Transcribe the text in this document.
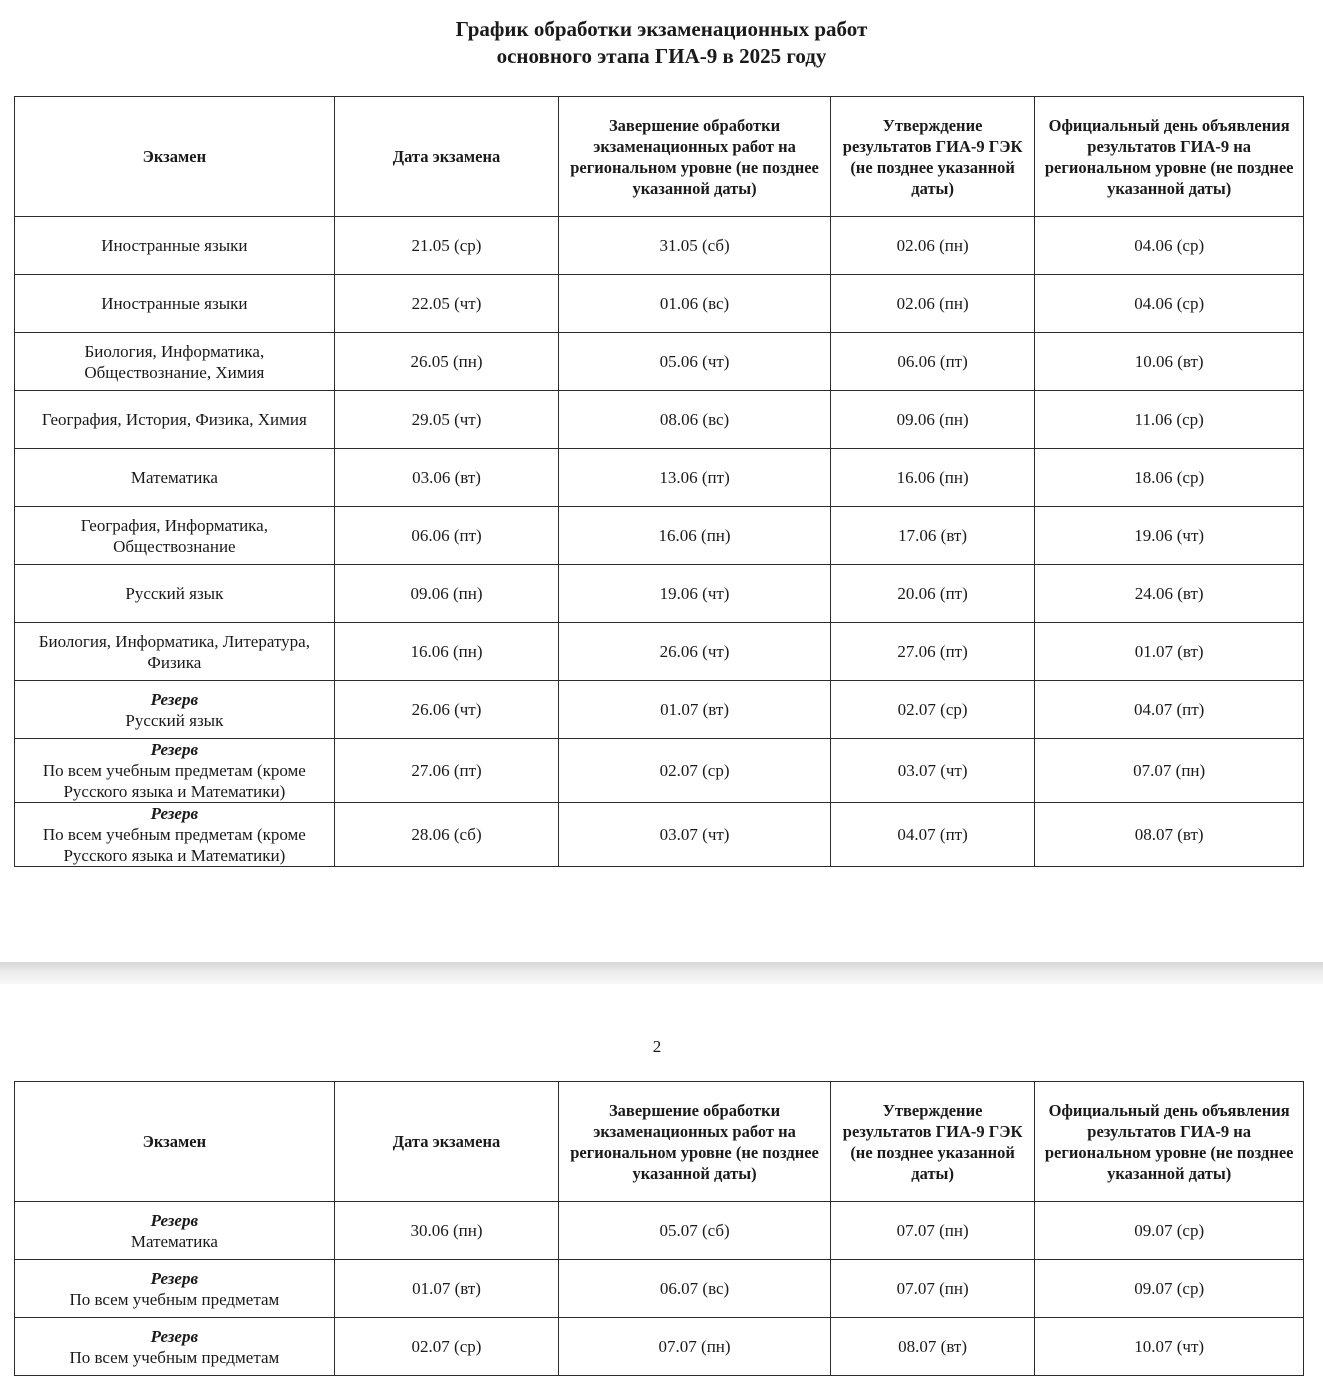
График обработки экзаменационных работ
основного этапа ГИА-9 в 2025 году
Экзамен	Дата экзамена	Завершение обработки экзаменационных работ на региональном уровне (не позднее указанной даты)	Утверждение результатов ГИА-9 ГЭК (не позднее указанной даты)	Официальный день объявления результатов ГИА-9 на региональном уровне (не позднее указанной даты)
Иностранные языки	21.05 (ср)	31.05 (сб)	02.06 (пн)	04.06 (ср)
Иностранные языки	22.05 (чт)	01.06 (вс)	02.06 (пн)	04.06 (ср)
Биология, Информатика, Обществознание, Химия	26.05 (пн)	05.06 (чт)	06.06 (пт)	10.06 (вт)
География, История, Физика, Химия	29.05 (чт)	08.06 (вс)	09.06 (пн)	11.06 (ср)
Математика	03.06 (вт)	13.06 (пт)	16.06 (пн)	18.06 (ср)
География, Информатика, Обществознание	06.06 (пт)	16.06 (пн)	17.06 (вт)	19.06 (чт)
Русский язык	09.06 (пн)	19.06 (чт)	20.06 (пт)	24.06 (вт)
Биология, Информатика, Литература, Физика	16.06 (пн)	26.06 (чт)	27.06 (пт)	01.07 (вт)

Резерв
Русский язык	26.06 (чт)	01.07 (вт)	02.07 (ср)	04.07 (пт)

Резерв
По всем учебным предметам (кроме Русского языка и Математики)	27.06 (пт)	02.07 (ср)	03.07 (чт)	07.07 (пн)

Резерв
По всем учебным предметам (кроме Русского языка и Математики)	28.06 (сб)	03.07 (чт)	04.07 (пт)	08.07 (вт)
2
Экзамен	Дата экзамена	Завершение обработки экзаменационных работ на региональном уровне (не позднее указанной даты)	Утверждение результатов ГИА-9 ГЭК (не позднее указанной даты)	Официальный день объявления результатов ГИА-9 на региональном уровне (не позднее указанной даты)

Резерв
Математика	30.06 (пн)	05.07 (сб)	07.07 (пн)	09.07 (ср)

Резерв
По всем учебным предметам	01.07 (вт)	06.07 (вс)	07.07 (пн)	09.07 (ср)

Резерв
По всем учебным предметам	02.07 (ср)	07.07 (пн)	08.07 (вт)	10.07 (чт)
